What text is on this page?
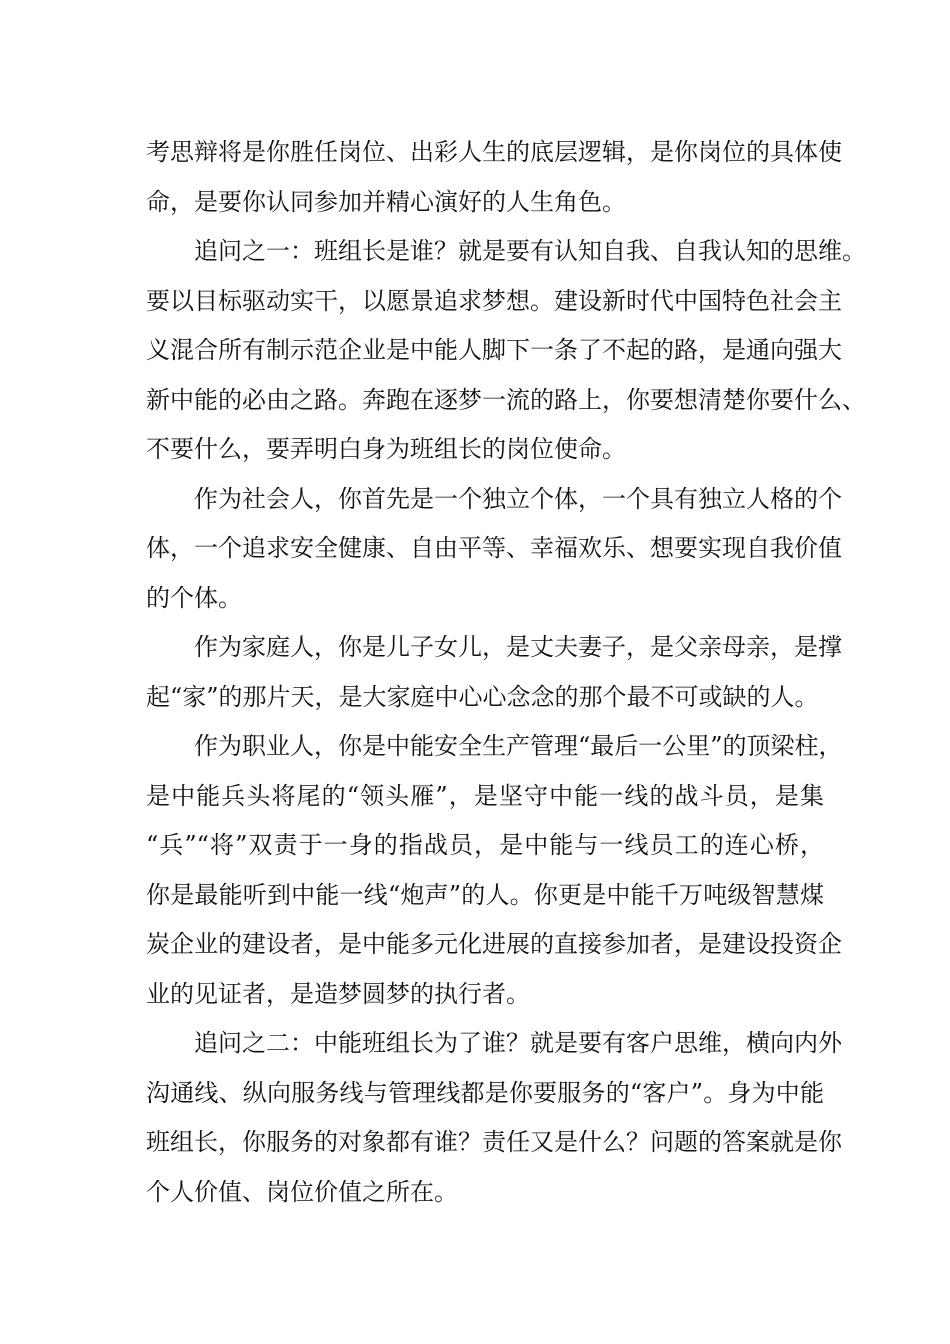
考思辩将是你胜任岗位、出彩人生的底层逻辑，是你岗位的具体使
命，是要你认同参加并精心演好的人生角色。
追问之一：班组长是谁？就是要有认知自我、自我认知的思维。
要以目标驱动实干，以愿景追求梦想。建设新时代中国特色社会主
义混合所有制示范企业是中能人脚下一条了不起的路，是通向强大
新中能的必由之路。奔跑在逐梦一流的路上，你要想清楚你要什么、
不要什么，要弄明白身为班组长的岗位使命。
作为社会人，你首先是一个独立个体，一个具有独立人格的个
体，一个追求安全健康、自由平等、幸福欢乐、想要实现自我价值
的个体。
作为家庭人，你是儿子女儿，是丈夫妻子，是父亲母亲，是撑
起“家”的那片天，是大家庭中心心念念的那个最不可或缺的人。
作为职业人，你是中能安全生产管理“最后一公里”的顶梁柱，
是中能兵头将尾的“领头雁”，是坚守中能一线的战斗员，是集
“兵”“将”双责于一身的指战员，是中能与一线员工的连心桥，
你是最能听到中能一线“炮声”的人。你更是中能千万吨级智慧煤
炭企业的建设者，是中能多元化进展的直接参加者，是建设投资企
业的见证者，是造梦圆梦的执行者。
追问之二：中能班组长为了谁？就是要有客户思维，横向内外
沟通线、纵向服务线与管理线都是你要服务的“客户”。身为中能
班组长，你服务的对象都有谁？责任又是什么？问题的答案就是你
个人价值、岗位价值之所在。
